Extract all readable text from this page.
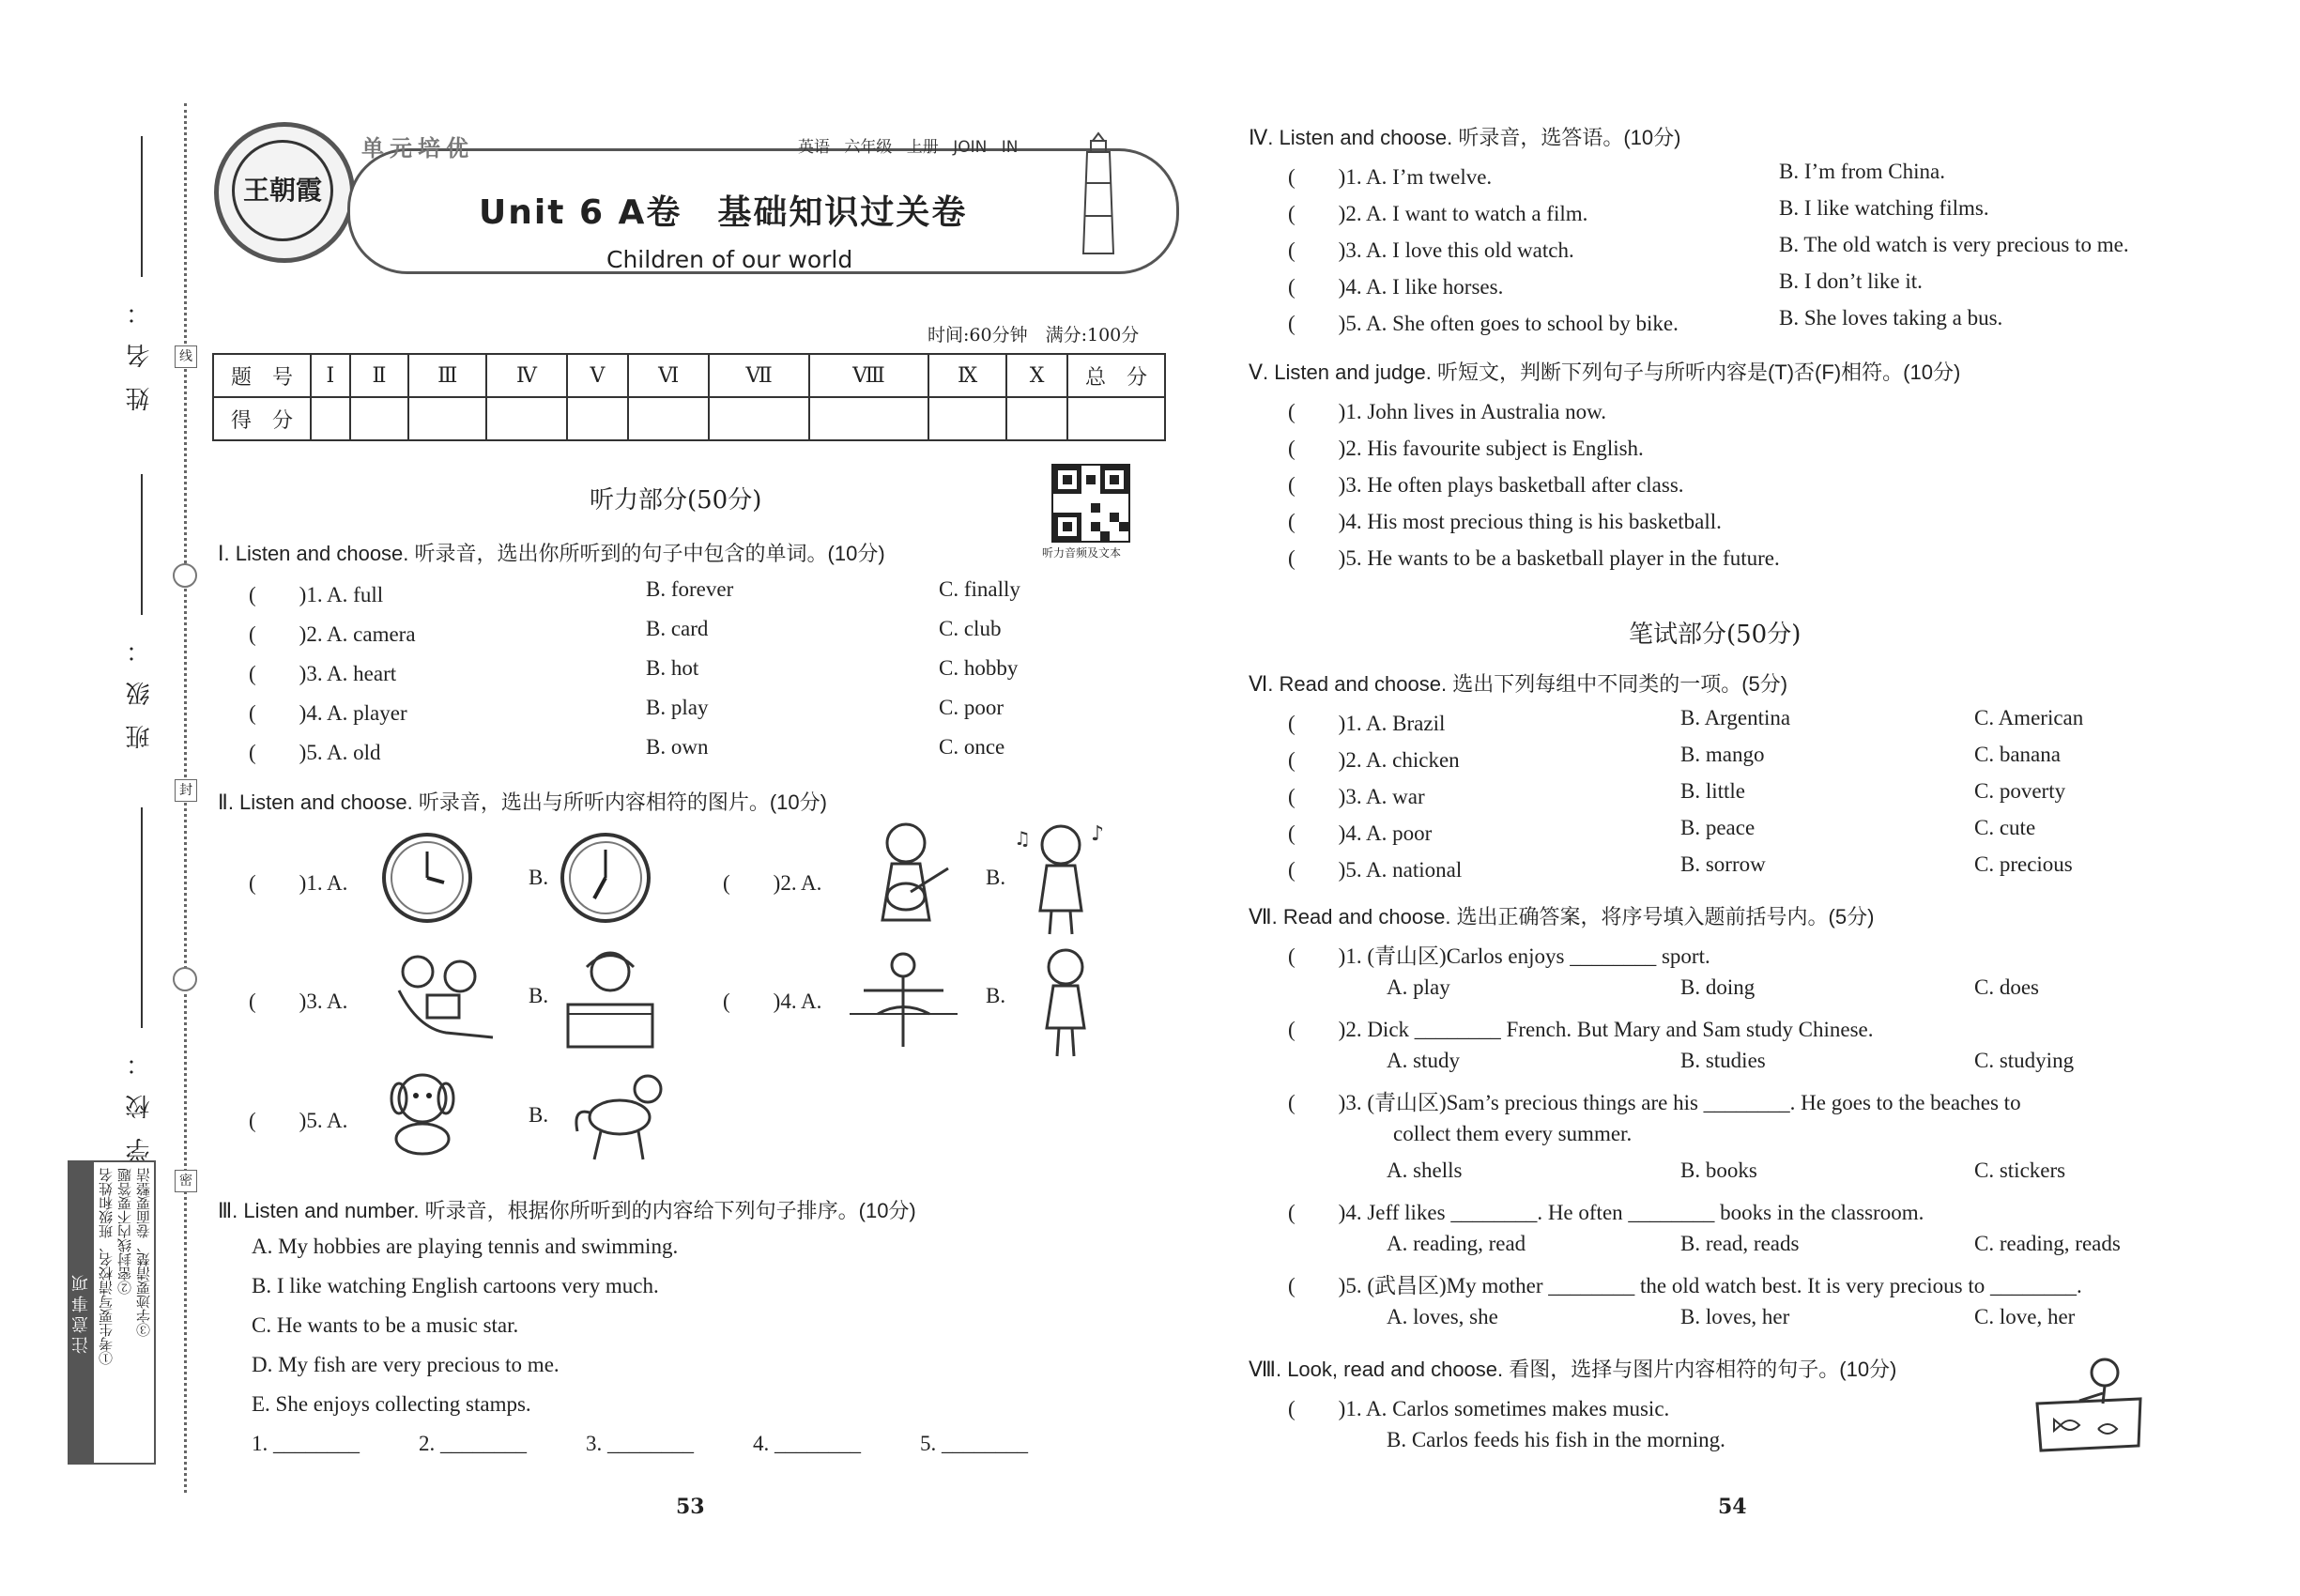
姓名：
班级：
学校：
线
封
密
注意事项 ①考生要写清校名、班级和姓名 ②密封线内不要答题 ③字迹要清楚、卷面要整洁
王朝霞
单元培优	英语 六年级 上册 JOIN IN
Unit 6 A卷　基础知识过关卷
Children of our world
时间:60分钟　满分:100分
题　号	Ⅰ	Ⅱ	Ⅲ	Ⅳ	Ⅴ	Ⅵ	Ⅶ	Ⅷ	Ⅸ	Ⅹ	总　分
得　分											
听力部分(50分)
听力音频及文本
Ⅰ. Listen and choose. 听录音，选出你所听到的句子中包含的单词。(10分)
(　　)1. A. full	B. forever	C. finally
(　　)2. A. camera	B. card	C. club
(　　)3. A. heart	B. hot	C. hobby
(　　)4. A. player	B. play	C. poor
(　　)5. A. old	B. own	C. once
Ⅱ. Listen and choose. 听录音，选出与所听内容相符的图片。(10分)
(　　)1. A.	B.	(　　)2. A.	B.
♪
♫
(　　)3. A.	B.	(　　)4. A.	B.
(　　)5. A.	B.
Ⅲ. Listen and number. 听录音，根据你所听到的内容给下列句子排序。(10分)
A. My hobbies are playing tennis and swimming.
B. I like watching English cartoons very much.
C. He wants to be a music star.
D. My fish are very precious to me.
E. She enjoys collecting stamps.
1. ________	2. ________	3. ________	4. ________	5. ________
53
Ⅳ. Listen and choose. 听录音，选答语。(10分)
(　　)1. A. I’m twelve.	B. I’m from China.
(　　)2. A. I want to watch a film.	B. I like watching films.
(　　)3. A. I love this old watch.	B. The old watch is very precious to me.
(　　)4. A. I like horses.	B. I don’t like it.
(　　)5. A. She often goes to school by bike.	B. She loves taking a bus.
Ⅴ. Listen and judge. 听短文，判断下列句子与所听内容是(T)否(F)相符。(10分)
(　　)1. John lives in Australia now.
(　　)2. His favourite subject is English.
(　　)3. He often plays basketball after class.
(　　)4. His most precious thing is his basketball.
(　　)5. He wants to be a basketball player in the future.
笔试部分(50分)
Ⅵ. Read and choose. 选出下列每组中不同类的一项。(5分)
(　　)1. A. Brazil	B. Argentina	C. American
(　　)2. A. chicken	B. mango	C. banana
(　　)3. A. war	B. little	C. poverty
(　　)4. A. poor	B. peace	C. cute
(　　)5. A. national	B. sorrow	C. precious
Ⅶ. Read and choose. 选出正确答案，将序号填入题前括号内。(5分)
(　　)1. (青山区)Carlos enjoys ________ sport.
A. play	B. doing	C. does
(　　)2. Dick ________ French. But Mary and Sam study Chinese.
A. study	B. studies	C. studying
(　　)3. (青山区)Sam’s precious things are his ________. He goes to the beaches to
collect them every summer.
A. shells	B. books	C. stickers
(　　)4. Jeff likes ________. He often ________ books in the classroom.
A. reading, read	B. read, reads	C. reading, reads
(　　)5. (武昌区)My mother ________ the old watch best. It is very precious to ________.
A. loves, she	B. loves, her	C. love, her
Ⅷ. Look, read and choose. 看图，选择与图片内容相符的句子。(10分)
(　　)1. A. Carlos sometimes makes music.
B. Carlos feeds his fish in the morning.
54
